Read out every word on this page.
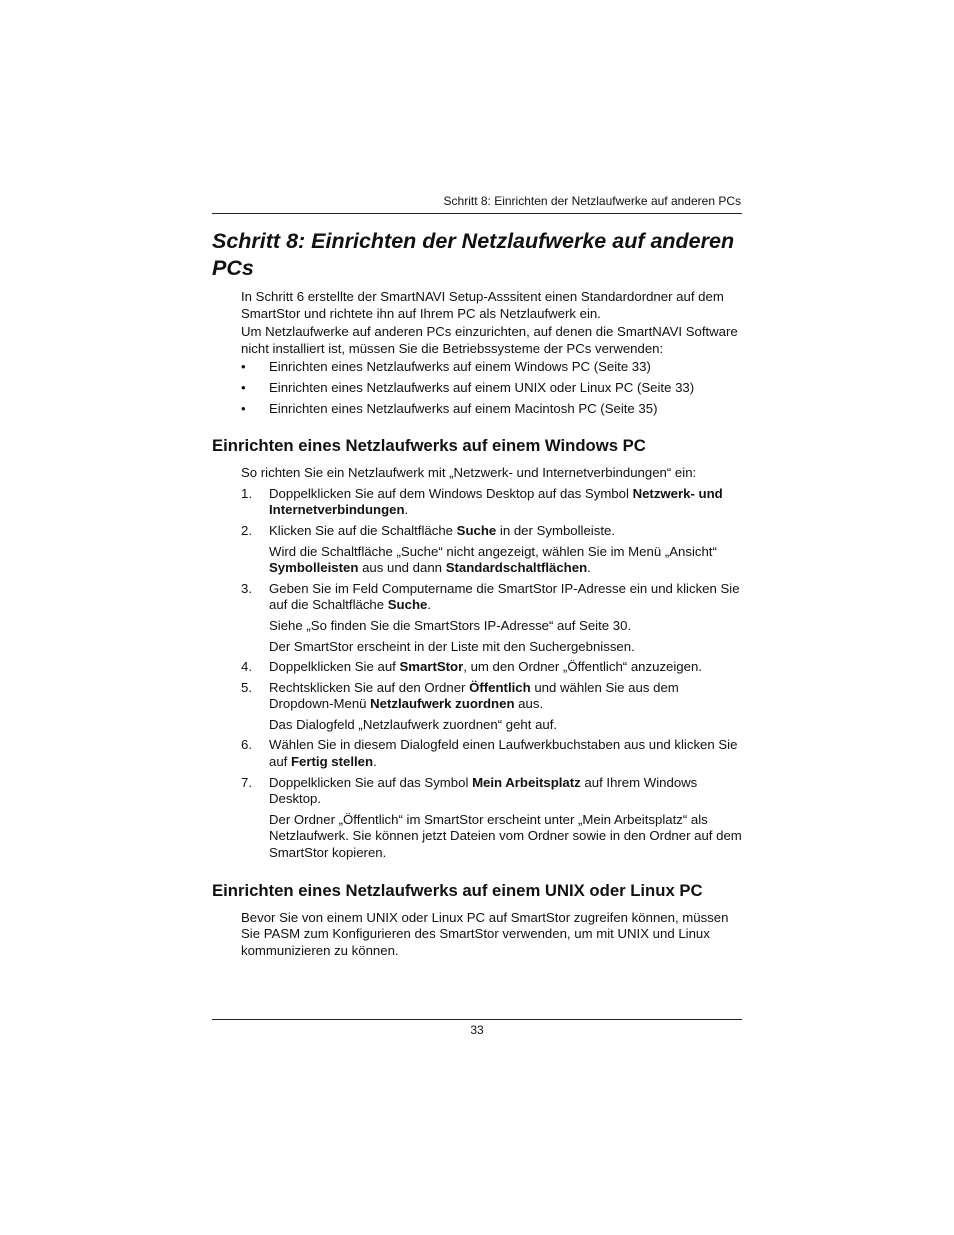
Schritt 8: Einrichten der Netzlaufwerke auf anderen PCs
Schritt 8: Einrichten der Netzlaufwerke auf anderen PCs

In Schritt 6 erstellte der SmartNAVI Setup-Asssitent einen Standardordner auf dem SmartStor und richtete ihn auf Ihrem PC als Netzlaufwerk ein.

Um Netzlaufwerke auf anderen PCs einzurichten, auf denen die SmartNAVI Software nicht installiert ist, müssen Sie die Betriebssysteme der PCs verwenden:

• Einrichten eines Netzlaufwerks auf einem Windows PC (Seite 33)
• Einrichten eines Netzlaufwerks auf einem UNIX oder Linux PC (Seite 33)
• Einrichten eines Netzlaufwerks auf einem Macintosh PC (Seite 35)
Einrichten eines Netzlaufwerks auf einem Windows PC

So richten Sie ein Netzlaufwerk mit „Netzwerk- und Internetverbindungen“ ein:

1. Doppelklicken Sie auf dem Windows Desktop auf das Symbol Netzwerk- und Internetverbindungen.
2. Klicken Sie auf die Schaltfläche Suche in der Symbolleiste.

Wird die Schaltfläche „Suche“ nicht angezeigt, wählen Sie im Menü „Ansicht“ Symbolleisten aus und dann Standardschaltflächen.

3. Geben Sie im Feld Computername die SmartStor IP-Adresse ein und klicken Sie auf die Schaltfläche Suche.

Siehe „So finden Sie die SmartStors IP-Adresse“ auf Seite 30.

Der SmartStor erscheint in der Liste mit den Suchergebnissen.

4. Doppelklicken Sie auf SmartStor, um den Ordner „Öffentlich“ anzuzeigen.
5. Rechtsklicken Sie auf den Ordner Öffentlich und wählen Sie aus dem Dropdown-Menü Netzlaufwerk zuordnen aus.

Das Dialogfeld „Netzlaufwerk zuordnen“ geht auf.

6. Wählen Sie in diesem Dialogfeld einen Laufwerkbuchstaben aus und klicken Sie auf Fertig stellen.
7. Doppelklicken Sie auf das Symbol Mein Arbeitsplatz auf Ihrem Windows Desktop.

Der Ordner „Öffentlich“ im SmartStor erscheint unter „Mein Arbeitsplatz“ als Netzlaufwerk. Sie können jetzt Dateien vom Ordner sowie in den Ordner auf dem SmartStor kopieren.

Einrichten eines Netzlaufwerks auf einem UNIX oder Linux PC

Bevor Sie von einem UNIX oder Linux PC auf SmartStor zugreifen können, müssen Sie PASM zum Konfigurieren des SmartStor verwenden, um mit UNIX und Linux kommunizieren zu können.

33
